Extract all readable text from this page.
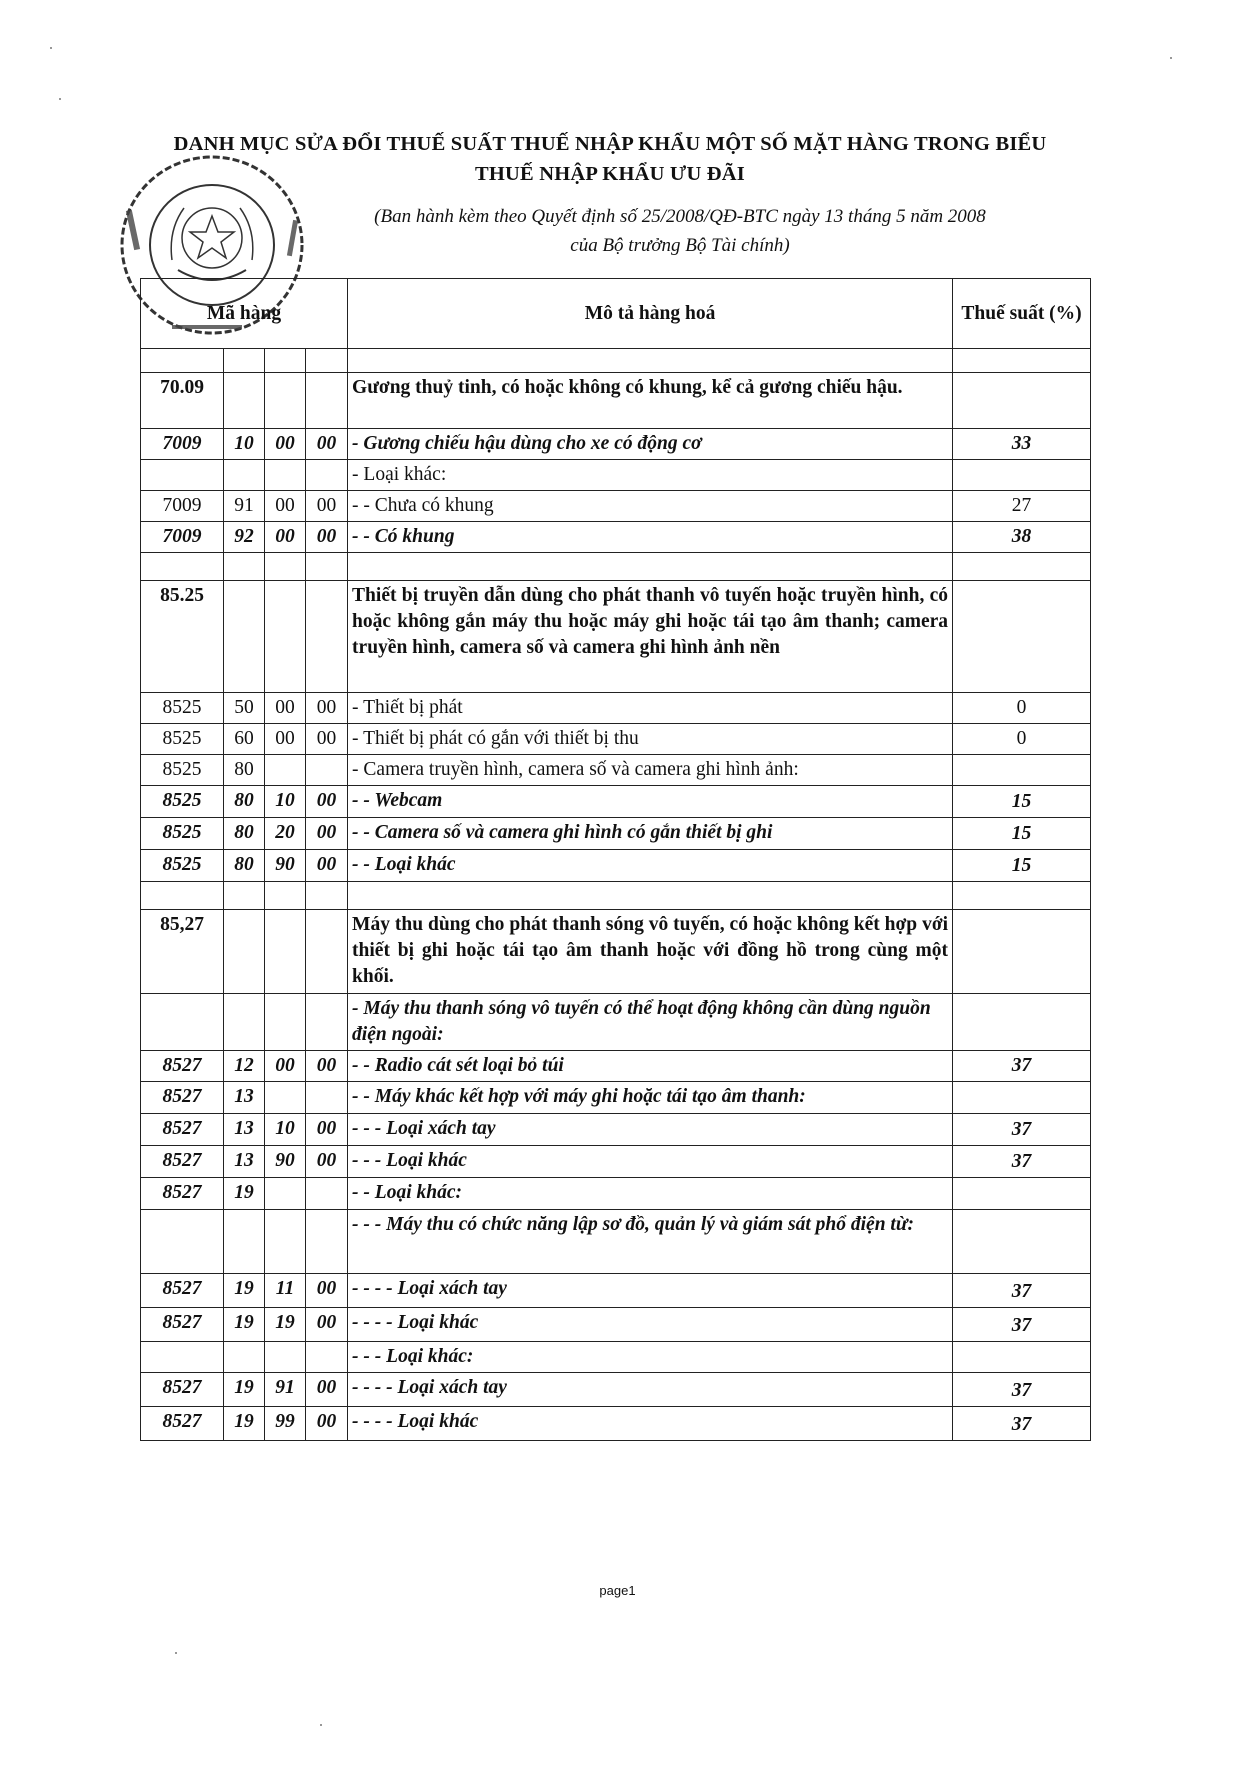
DANH MỤC SỬA ĐỔI THUẾ SUẤT THUẾ NHẬP KHẨU MỘT SỐ MẶT HÀNG TRONG BIỂU
THUẾ NHẬP KHẨU ƯU ĐÃI
(Ban hành kèm theo Quyết định số 25/2008/QĐ-BTC ngày 13 tháng 5 năm 2008
của Bộ trưởng Bộ Tài chính)
Mã hàng				Mô tả hàng hoá	Thuế suất (%)

70.09				Gương thuỷ tinh, có hoặc không có khung, kể cả gương chiếu hậu.	
7009	10	00	00	- Gương chiếu hậu dùng cho xe có động cơ	33
				- Loại khác:	
7009	91	00	00	- - Chưa có khung	27
7009	92	00	00	- - Có khung	38

85.25				Thiết bị truyền dẫn dùng cho phát thanh vô tuyến hoặc truyền hình, có hoặc không gắn máy thu hoặc máy ghi hoặc tái tạo âm thanh; camera truyền hình, camera số và camera ghi hình ảnh nền	
8525	50	00	00	- Thiết bị phát	0
8525	60	00	00	- Thiết bị phát có gắn với thiết bị thu	0
8525	80			- Camera truyền hình, camera số và camera ghi hình ảnh:	
8525	80	10	00	- - Webcam	15
8525	80	20	00	- - Camera số và camera ghi hình có gắn thiết bị ghi	15
8525	80	90	00	- - Loại khác	15

85,27				Máy thu dùng cho phát thanh sóng vô tuyến, có hoặc không kết hợp với thiết bị ghi hoặc tái tạo âm thanh hoặc với đồng hồ trong cùng một khối.	
				- Máy thu thanh sóng vô tuyến có thể hoạt động không cần dùng nguồn điện ngoài:	
8527	12	00	00	- - Radio cát sét loại bỏ túi	37
8527	13			- - Máy khác kết hợp với máy ghi hoặc tái tạo âm thanh:	
8527	13	10	00	- - - Loại xách tay	37
8527	13	90	00	- - - Loại khác	37
8527	19			- - Loại khác:	
				- - - Máy thu có chức năng lập sơ đồ, quản lý và giám sát phổ điện từ:	
8527	19	11	00	- - - - Loại xách tay	37
8527	19	19	00	- - - - Loại khác	37
				- - - Loại khác:	
8527	19	91	00	- - - - Loại xách tay	37
8527	19	99	00	- - - - Loại khác	37
page1
